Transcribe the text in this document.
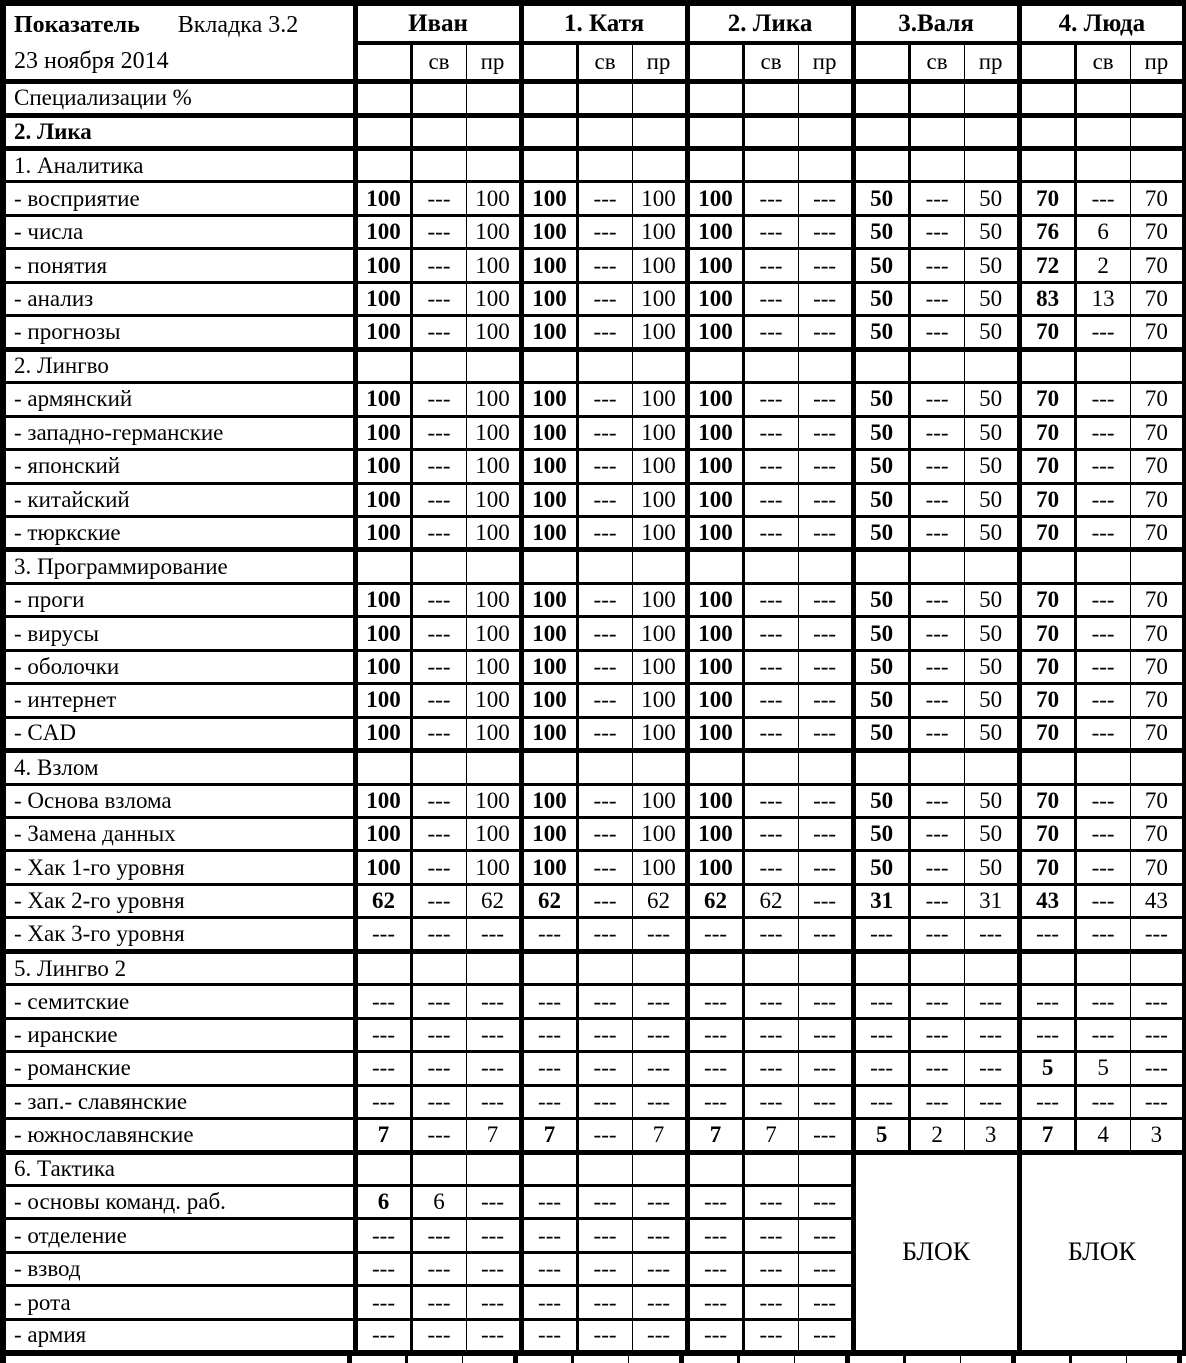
Показатель Вкладка 3.2
23 ноября 2014	Иван			1. Катя			2. Лика			3.Валя			4. Люда		
		св	пр		св	пр		св	пр		св	пр		св	пр
Специализации %															
2. Лика															
1. Аналитика															
- восприятие	100	---	100	100	---	100	100	---	---	50	---	50	70	---	70
- числа	100	---	100	100	---	100	100	---	---	50	---	50	76	6	70
- понятия	100	---	100	100	---	100	100	---	---	50	---	50	72	2	70
- анализ	100	---	100	100	---	100	100	---	---	50	---	50	83	13	70
- прогнозы	100	---	100	100	---	100	100	---	---	50	---	50	70	---	70
2. Лингво															
- армянский	100	---	100	100	---	100	100	---	---	50	---	50	70	---	70
- западно-германские	100	---	100	100	---	100	100	---	---	50	---	50	70	---	70
- японский	100	---	100	100	---	100	100	---	---	50	---	50	70	---	70
- китайский	100	---	100	100	---	100	100	---	---	50	---	50	70	---	70
- тюркские	100	---	100	100	---	100	100	---	---	50	---	50	70	---	70
3. Программирование															
- проги	100	---	100	100	---	100	100	---	---	50	---	50	70	---	70
- вирусы	100	---	100	100	---	100	100	---	---	50	---	50	70	---	70
- оболочки	100	---	100	100	---	100	100	---	---	50	---	50	70	---	70
- интернет	100	---	100	100	---	100	100	---	---	50	---	50	70	---	70
- CAD	100	---	100	100	---	100	100	---	---	50	---	50	70	---	70
4. Взлом															
- Основа взлома	100	---	100	100	---	100	100	---	---	50	---	50	70	---	70
- Замена данных	100	---	100	100	---	100	100	---	---	50	---	50	70	---	70
- Хак 1-го уровня	100	---	100	100	---	100	100	---	---	50	---	50	70	---	70
- Хак 2-го уровня	62	---	62	62	---	62	62	62	---	31	---	31	43	---	43
- Хак 3-го уровня	---	---	---	---	---	---	---	---	---	---	---	---	---	---	---
5. Лингво 2															
- семитские	---	---	---	---	---	---	---	---	---	---	---	---	---	---	---
- иранские	---	---	---	---	---	---	---	---	---	---	---	---	---	---	---
- романские	---	---	---	---	---	---	---	---	---	---	---	---	5	5	---
- зап.- славянские	---	---	---	---	---	---	---	---	---	---	---	---	---	---	---
- южнославянские	7	---	7	7	---	7	7	7	---	5	2	3	7	4	3
6. Тактика										БЛОК			БЛОК		
- основы команд. раб.	6	6	---	---	---	---	---	---	---						
- отделение	---	---	---	---	---	---	---	---	---						
- взвод	---	---	---	---	---	---	---	---	---						
- рота	---	---	---	---	---	---	---	---	---						
- армия	---	---	---	---	---	---	---	---	---						
